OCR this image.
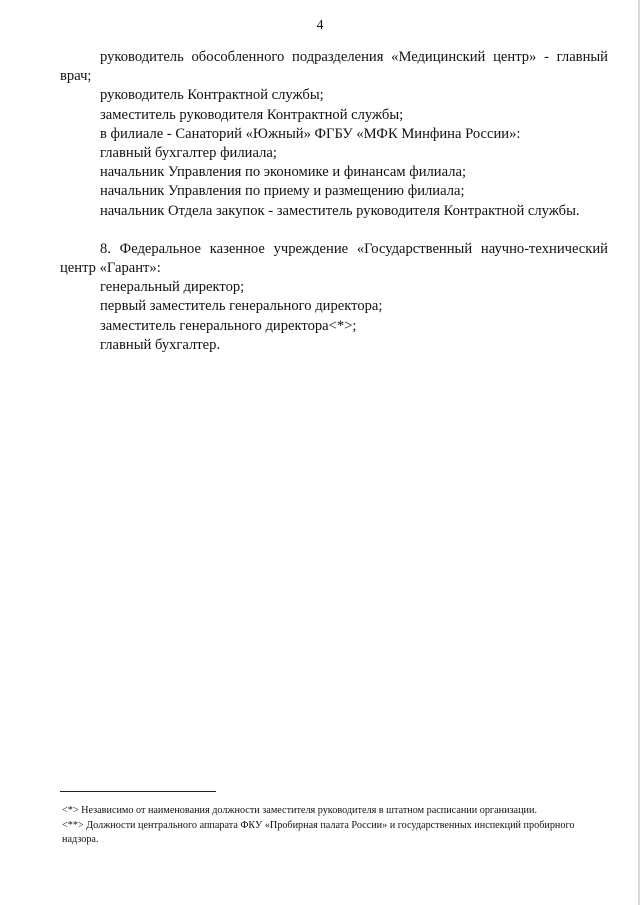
4

руководитель обособленного подразделения «Медицинский центр» - главный врач;

руководитель Контрактной службы;

заместитель руководителя Контрактной службы;

в филиале - Санаторий «Южный» ФГБУ «МФК Минфина России»:

главный бухгалтер филиала;

начальник Управления по экономике и финансам филиала;

начальник Управления по приему и размещению филиала;

начальник Отдела закупок - заместитель руководителя Контрактной службы.

8. Федеральное казенное учреждение «Государственный научно-технический центр «Гарант»:

генеральный директор;

первый заместитель генерального директора;

заместитель генерального директора<*>;

главный бухгалтер.

<*> Независимо от наименования должности заместителя руководителя в штатном расписании организации.

<**> Должности центрального аппарата ФКУ «Пробирная палата России» и государственных инспекций пробирного надзора.
